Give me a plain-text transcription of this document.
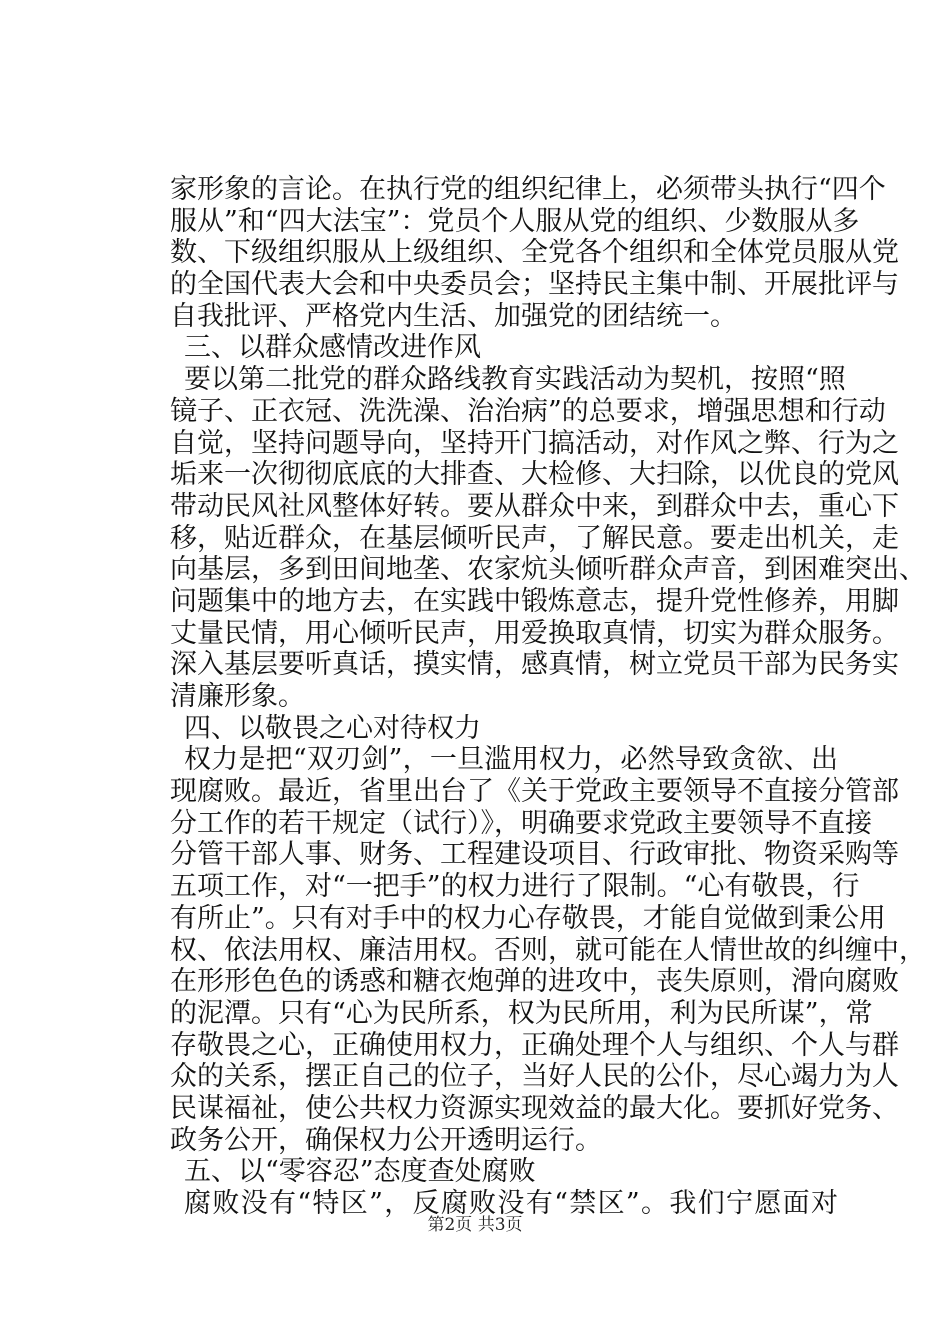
家形象的言论。在执行党的组织纪律上，必须带头执行“四个
服从”和“四大法宝”：党员个人服从党的组织、少数服从多
数、下级组织服从上级组织、全党各个组织和全体党员服从党
的全国代表大会和中央委员会；坚持民主集中制、开展批评与
自我批评、严格党内生活、加强党的团结统一。
三、以群众感情改进作风
要以第二批党的群众路线教育实践活动为契机，按照“照
镜子、正衣冠、洗洗澡、治治病”的总要求，增强思想和行动
自觉，坚持问题导向，坚持开门搞活动，对作风之弊、行为之
垢来一次彻彻底底的大排查、大检修、大扫除，以优良的党风
带动民风社风整体好转。要从群众中来，到群众中去，重心下
移，贴近群众，在基层倾听民声，了解民意。要走出机关，走
向基层，多到田间地垄、农家炕头倾听群众声音，到困难突出、
问题集中的地方去，在实践中锻炼意志，提升党性修养，用脚
丈量民情，用心倾听民声，用爱换取真情，切实为群众服务。
深入基层要听真话，摸实情，感真情，树立党员干部为民务实
清廉形象。
四、以敬畏之心对待权力
权力是把“双刃剑”，一旦滥用权力，必然导致贪欲、出
现腐败。最近，省里出台了《关于党政主要领导不直接分管部
分工作的若干规定（试行）》，明确要求党政主要领导不直接
分管干部人事、财务、工程建设项目、行政审批、物资采购等
五项工作，对“一把手”的权力进行了限制。“心有敬畏，行
有所止”。只有对手中的权力心存敬畏，才能自觉做到秉公用
权、依法用权、廉洁用权。否则，就可能在人情世故的纠缠中，
在形形色色的诱惑和糖衣炮弹的进攻中，丧失原则，滑向腐败
的泥潭。只有“心为民所系，权为民所用，利为民所谋”，常
存敬畏之心，正确使用权力，正确处理个人与组织、个人与群
众的关系，摆正自己的位子，当好人民的公仆，尽心竭力为人
民谋福祉，使公共权力资源实现效益的最大化。要抓好党务、
政务公开，确保权力公开透明运行。
五、以“零容忍”态度查处腐败
腐败没有“特区”，反腐败没有“禁区”。我们宁愿面对
第2页 共3页
